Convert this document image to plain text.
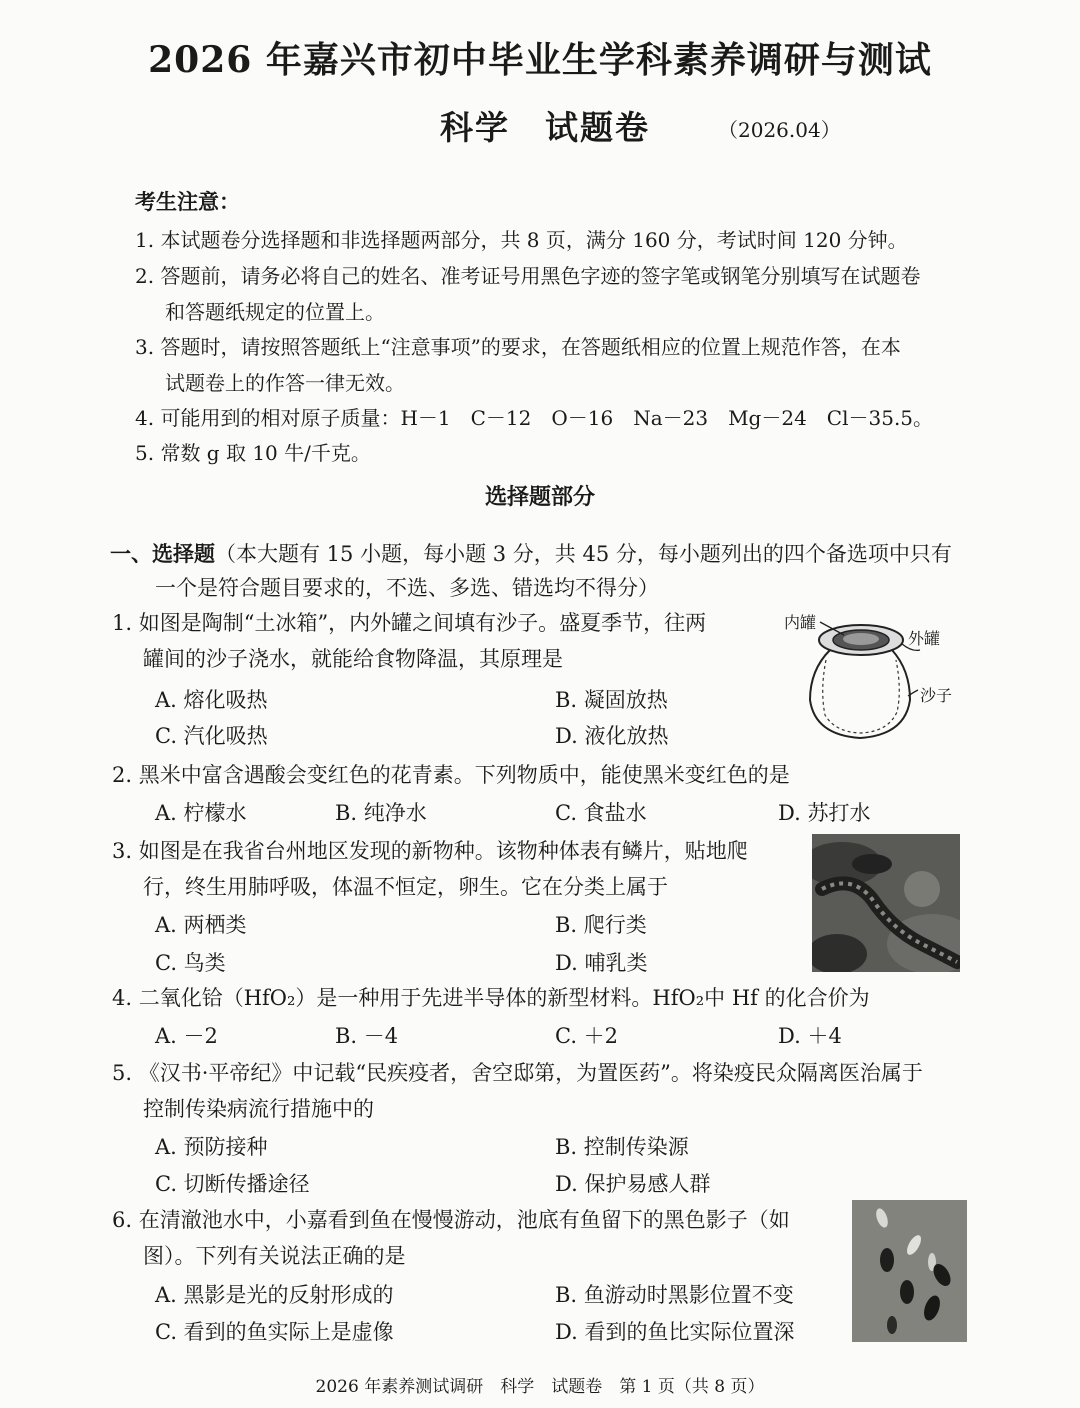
2026 年嘉兴市初中毕业生学科素养调研与测试
科学　试题卷	（2026.04）
考生注意：
1. 本试题卷分选择题和非选择题两部分，共 8 页，满分 160 分，考试时间 120 分钟。
2. 答题前，请务必将自己的姓名、准考证号用黑色字迹的签字笔或钢笔分别填写在试题卷
和答题纸规定的位置上。
3. 答题时，请按照答题纸上“注意事项”的要求，在答题纸相应的位置上规范作答，在本
试题卷上的作答一律无效。
4. 可能用到的相对原子质量：H－1　C－12　O－16　Na－23　Mg－24　Cl－35.5。
5. 常数 g 取 10 牛/千克。
选择题部分
一、选择题（本大题有 15 小题，每小题 3 分，共 45 分，每小题列出的四个备选项中只有
一个是符合题目要求的，不选、多选、错选均不得分）
1. 如图是陶制“土冰箱”，内外罐之间填有沙子。盛夏季节，往两
罐间的沙子浇水，就能给食物降温，其原理是
A. 熔化吸热	B. 凝固放热
C. 汽化吸热	D. 液化放热
内罐
外罐
沙子
2. 黑米中富含遇酸会变红色的花青素。下列物质中，能使黑米变红色的是
A. 柠檬水	B. 纯净水	C. 食盐水	D. 苏打水
3. 如图是在我省台州地区发现的新物种。该物种体表有鳞片，贴地爬
行，终生用肺呼吸，体温不恒定，卵生。它在分类上属于
A. 两栖类	B. 爬行类
C. 鸟类	D. 哺乳类
4. 二氧化铪（HfO₂）是一种用于先进半导体的新型材料。HfO₂中 Hf 的化合价为
A. －2	B. －4	C. ＋2	D. ＋4
5. 《汉书·平帝纪》中记载“民疾疫者，舍空邸第，为置医药”。将染疫民众隔离医治属于
控制传染病流行措施中的
A. 预防接种	B. 控制传染源
C. 切断传播途径	D. 保护易感人群
6. 在清澈池水中，小嘉看到鱼在慢慢游动，池底有鱼留下的黑色影子（如
图）。下列有关说法正确的是
A. 黑影是光的反射形成的	B. 鱼游动时黑影位置不变
C. 看到的鱼实际上是虚像	D. 看到的鱼比实际位置深
2026 年素养测试调研　科学　试题卷　第 1 页（共 8 页）
